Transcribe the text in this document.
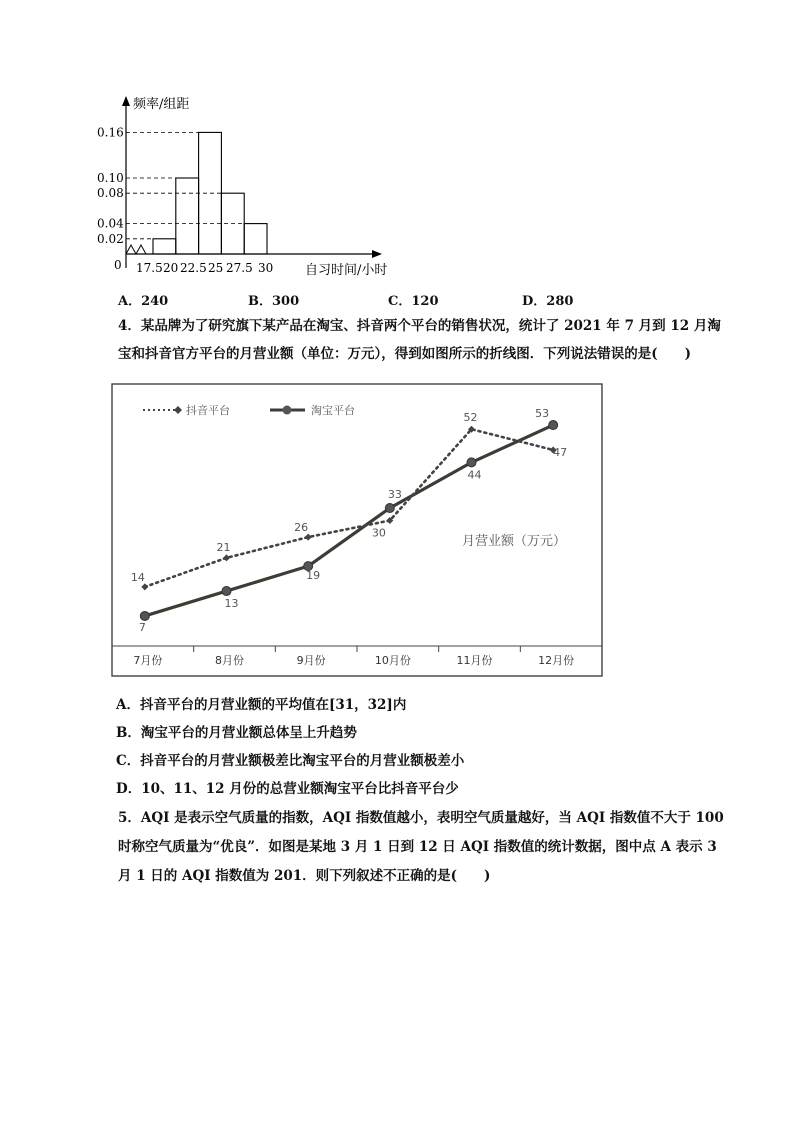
0.16
0.10
0.08
0.04
0.02
17.5 20 22.5 25 27.5 30
频率/组距
自习时间/小时
0
A．240	B．300	C．120	D．280
4．某品牌为了研究旗下某产品在淘宝、抖音两个平台的销售状况，统计了 2021 年 7 月到 12 月淘
宝和抖音官方平台的月营业额（单位：万元），得到如图所示的折线图．下列说法错误的是(　　)
抖音平台	淘宝平台
月营业额（万元）
7
13
19
33
44
53
14
21
26	30
52
47
7月份	8月份	9月份	10月份	11月份	12月份
A．抖音平台的月营业额的平均值在[31，32]内
B．淘宝平台的月营业额总体呈上升趋势
C．抖音平台的月营业额极差比淘宝平台的月营业额极差小
D．10、11、12 月份的总营业额淘宝平台比抖音平台少
5．AQI 是表示空气质量的指数，AQI 指数值越小，表明空气质量越好，当 AQI 指数值不大于 100
时称空气质量为“优良”．如图是某地 3 月 1 日到 12 日 AQI 指数值的统计数据，图中点 A 表示 3
月 1 日的 AQI 指数值为 201．则下列叙述不正确的是(　　)
